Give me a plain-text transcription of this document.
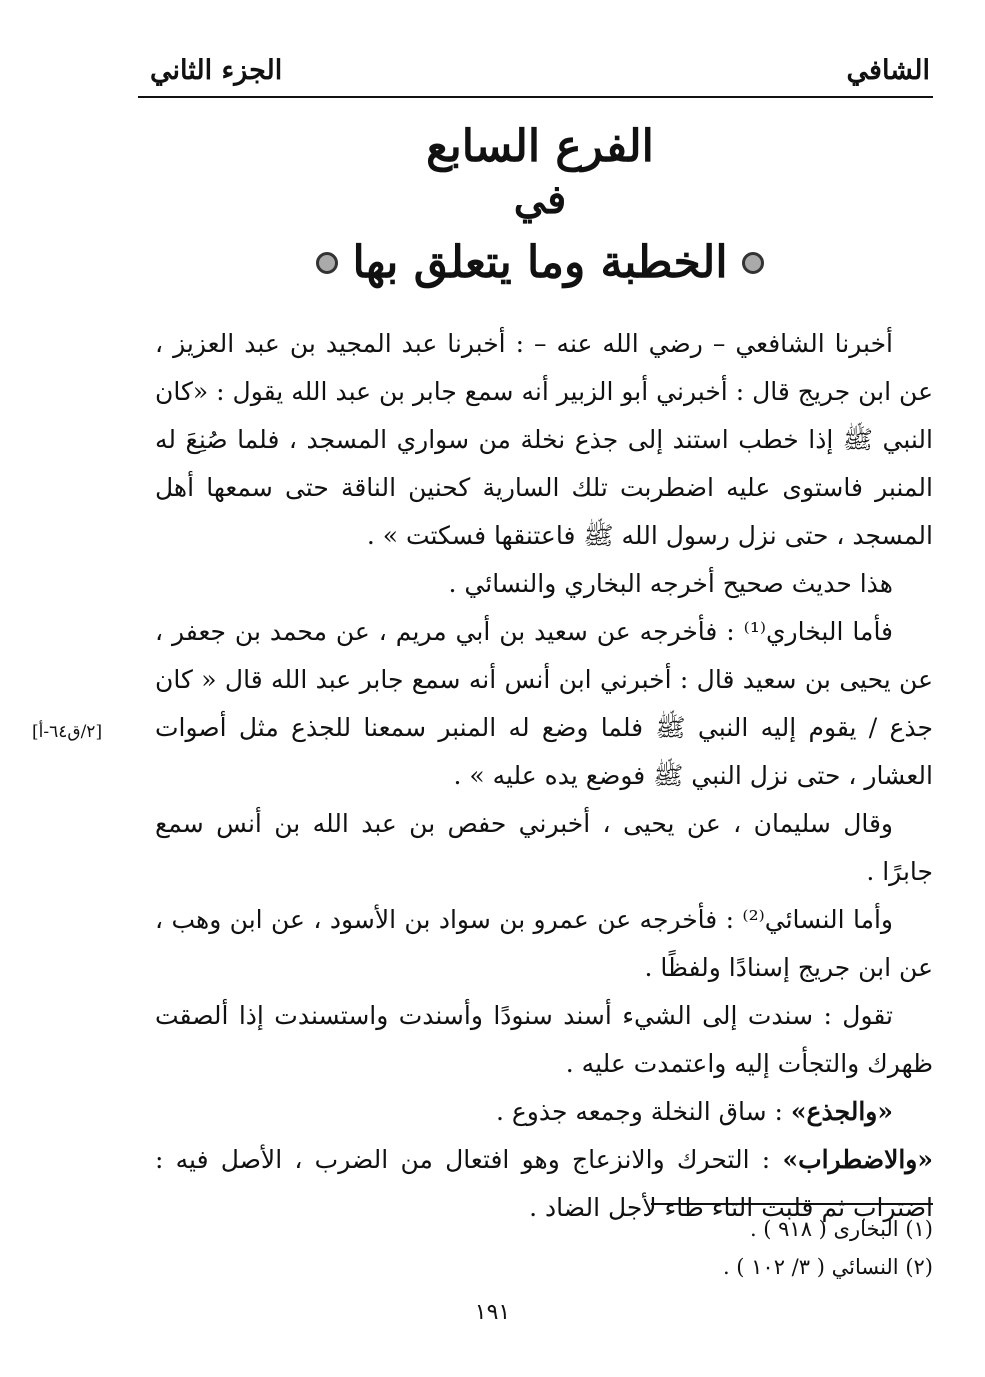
الشافي
الجزء الثاني
الفرع السابع
في
الخطبة وما يتعلق بها

أخبرنا الشافعي – رضي الله عنه – : أخبرنا عبد المجيد بن عبد العزيز ، عن ابن جريج قال : أخبرني أبو الزبير أنه سمع جابر بن عبد الله يقول : «كان النبي ﷺ إذا خطب استند إلى جذع نخلة من سواري المسجد ، فلما صُنِعَ له المنبر فاستوى عليه اضطربت تلك السارية كحنين الناقة حتى سمعها أهل المسجد ، حتى نزل رسول الله ﷺ فاعتنقها فسكتت » .

هذا حديث صحيح أخرجه البخاري والنسائي .

فأما البخاري⁽¹⁾ : فأخرجه عن سعيد بن أبي مريم ، عن محمد بن جعفر ، عن يحيى بن سعيد قال : أخبرني ابن أنس أنه سمع جابر عبد الله قال « كان جذع / يقوم إليه النبي ﷺ فلما وضع له المنبر سمعنا للجذع مثل أصوات العشار ، حتى نزل النبي ﷺ فوضع يده عليه » .

وقال سليمان ، عن يحيى ، أخبرني حفص بن عبد الله بن أنس سمع جابرًا .

وأما النسائي⁽²⁾ : فأخرجه عن عمرو بن سواد بن الأسود ، عن ابن وهب ، عن ابن جريج إسنادًا ولفظًا .

تقول : سندت إلى الشيء أسند سنودًا وأسندت واستسندت إذا ألصقت ظهرك والتجأت إليه واعتمدت عليه .

«والجذع» : ساق النخلة وجمعه جذوع .

«والاضطراب» : التحرك والانزعاج وهو افتعال من الضرب ، الأصل فيه : اضتراب ثم قلبت التاء طاء لأجل الضاد .

[٢/ق٦٤-أ]
(١) البخارى ( ٩١٨ ) .
(٢) النسائي ( ٣/ ١٠٢ ) .
١٩١
